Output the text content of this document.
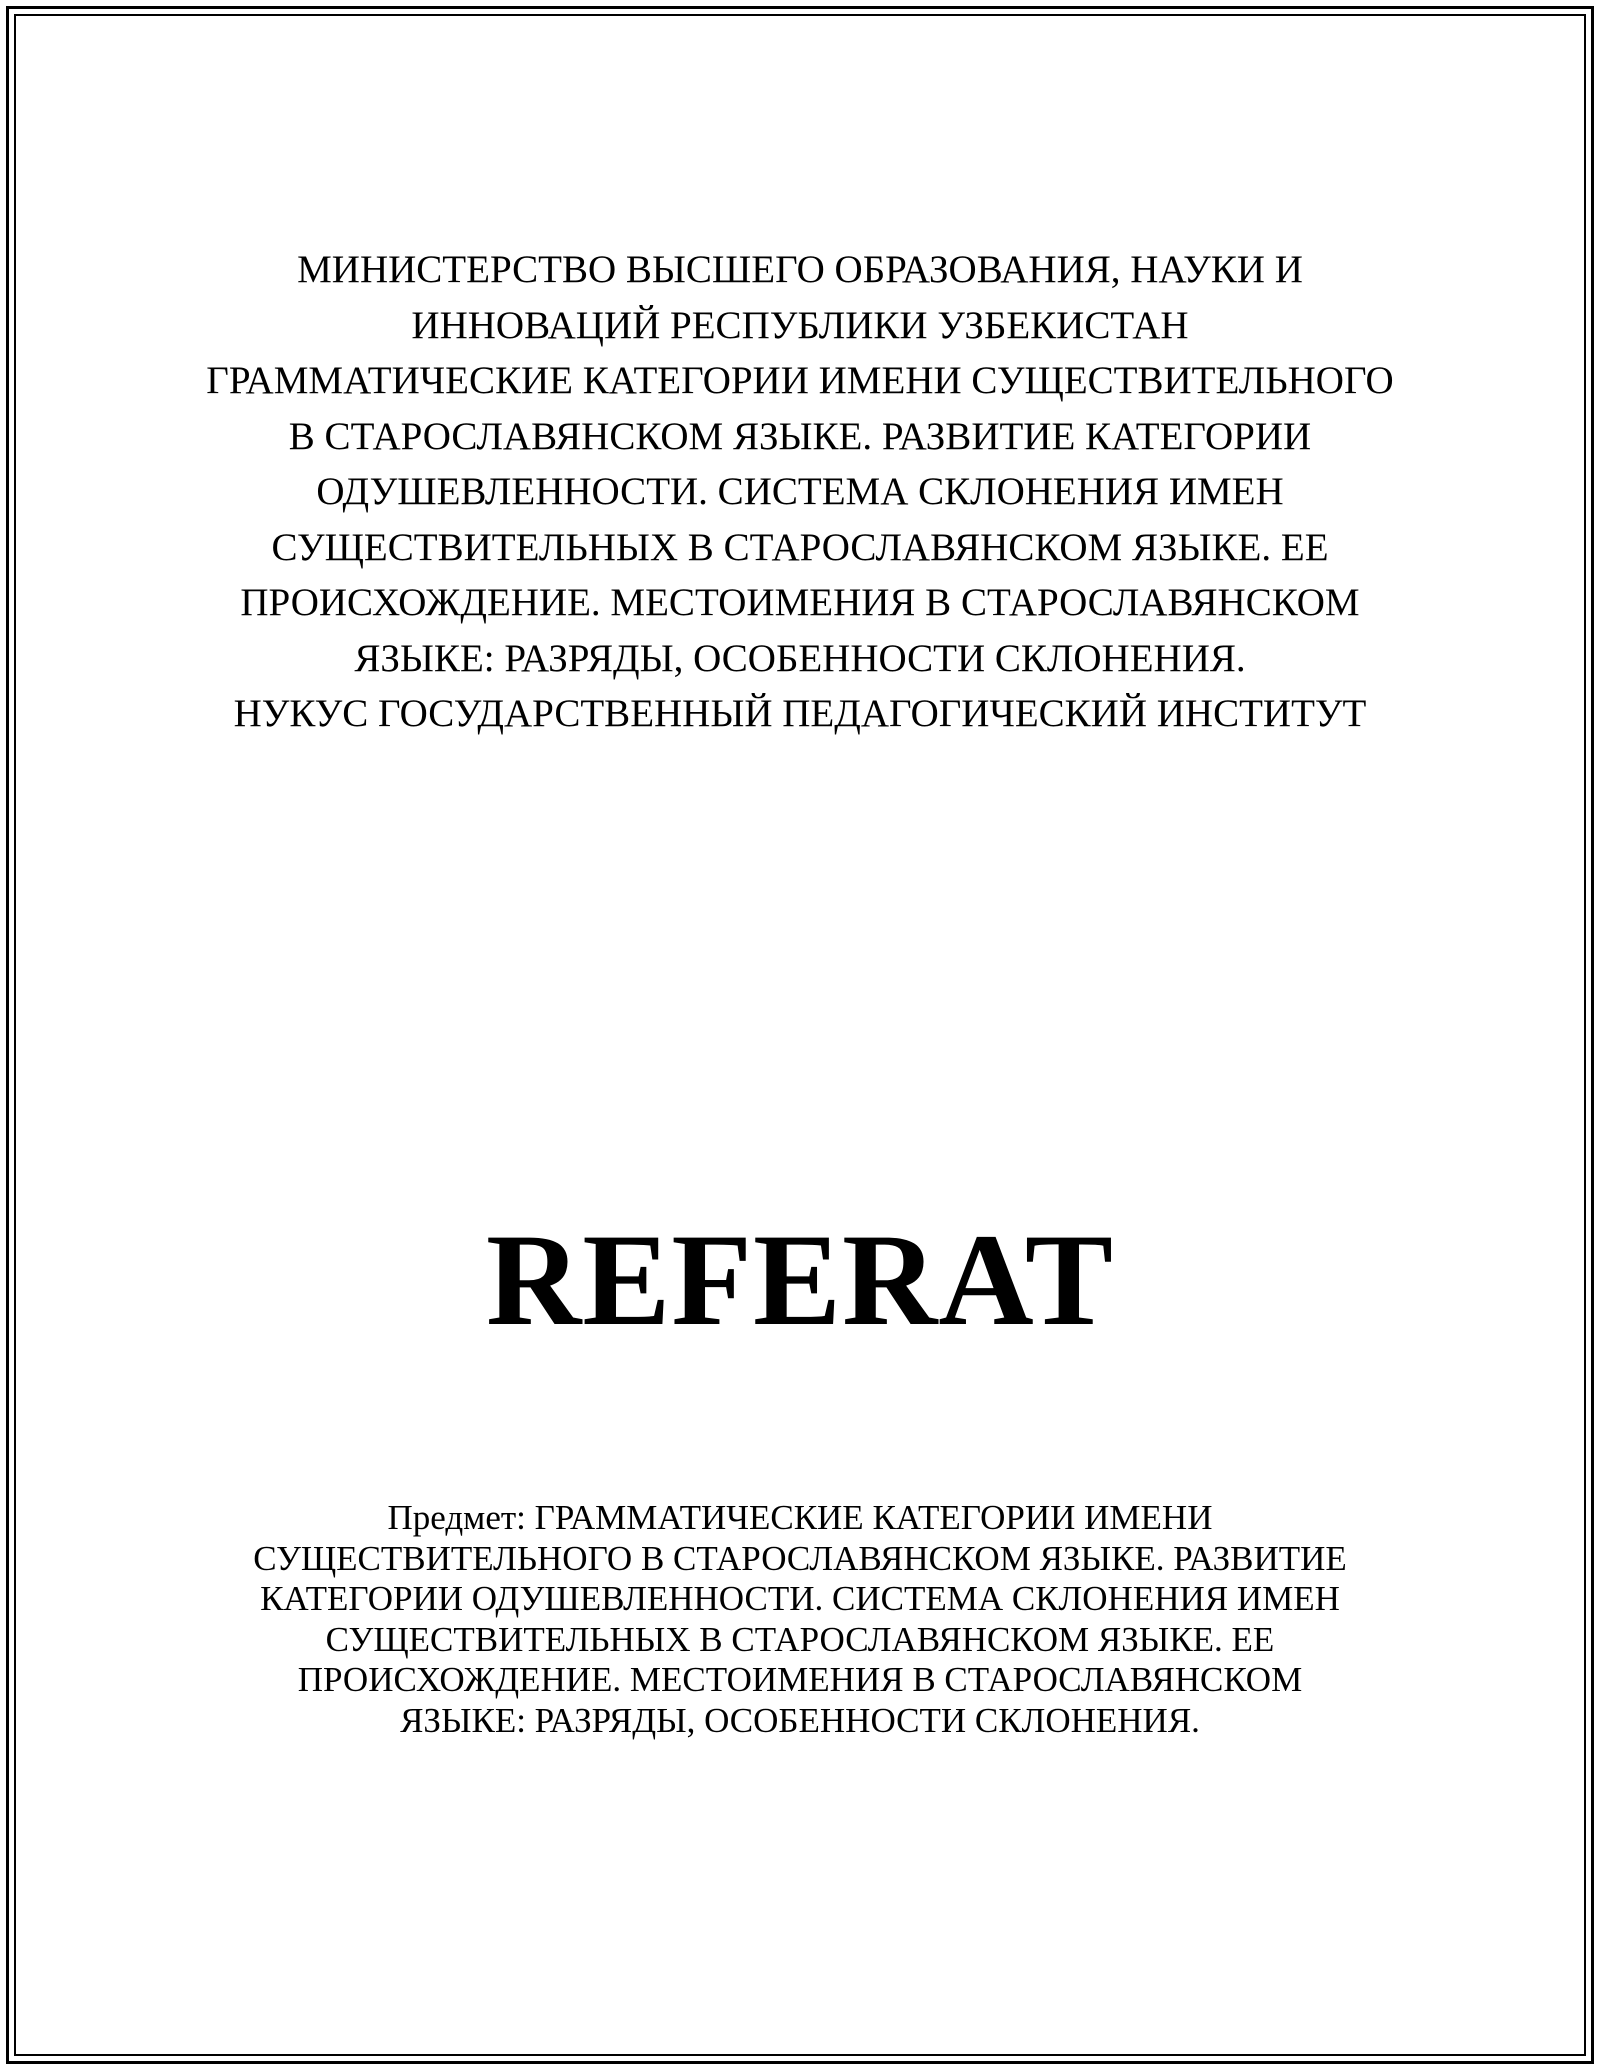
МИНИСТЕРСТВО ВЫСШЕГО ОБРАЗОВАНИЯ, НАУКИ И ИННОВАЦИЙ РЕСПУБЛИКИ УЗБЕКИСТАН

ГРАММАТИЧЕСКИЕ КАТЕГОРИИ ИМЕНИ СУЩЕСТВИТЕЛЬНОГО В СТАРОСЛАВЯНСКОМ ЯЗЫКЕ. РАЗВИТИЕ КАТЕГОРИИ ОДУШЕВЛЕННОСТИ. СИСТЕМА СКЛОНЕНИЯ ИМЕН СУЩЕСТВИТЕЛЬНЫХ В СТАРОСЛАВЯНСКОМ ЯЗЫКЕ. ЕЕ ПРОИСХОЖДЕНИЕ. МЕСТОИМЕНИЯ В СТАРОСЛАВЯНСКОМ ЯЗЫКЕ: РАЗРЯДЫ, ОСОБЕННОСТИ СКЛОНЕНИЯ.

НУКУС ГОСУДАРСТВЕННЫЙ ПЕДАГОГИЧЕСКИЙ ИНСТИТУТ

REFERAT
Предмет: ГРАММАТИЧЕСКИЕ КАТЕГОРИИ ИМЕНИ СУЩЕСТВИТЕЛЬНОГО В СТАРОСЛАВЯНСКОМ ЯЗЫКЕ. РАЗВИТИЕ КАТЕГОРИИ ОДУШЕВЛЕННОСТИ. СИСТЕМА СКЛОНЕНИЯ ИМЕН СУЩЕСТВИТЕЛЬНЫХ В СТАРОСЛАВЯНСКОМ ЯЗЫКЕ. ЕЕ ПРОИСХОЖДЕНИЕ. МЕСТОИМЕНИЯ В СТАРОСЛАВЯНСКОМ ЯЗЫКЕ: РАЗРЯДЫ, ОСОБЕННОСТИ СКЛОНЕНИЯ.
